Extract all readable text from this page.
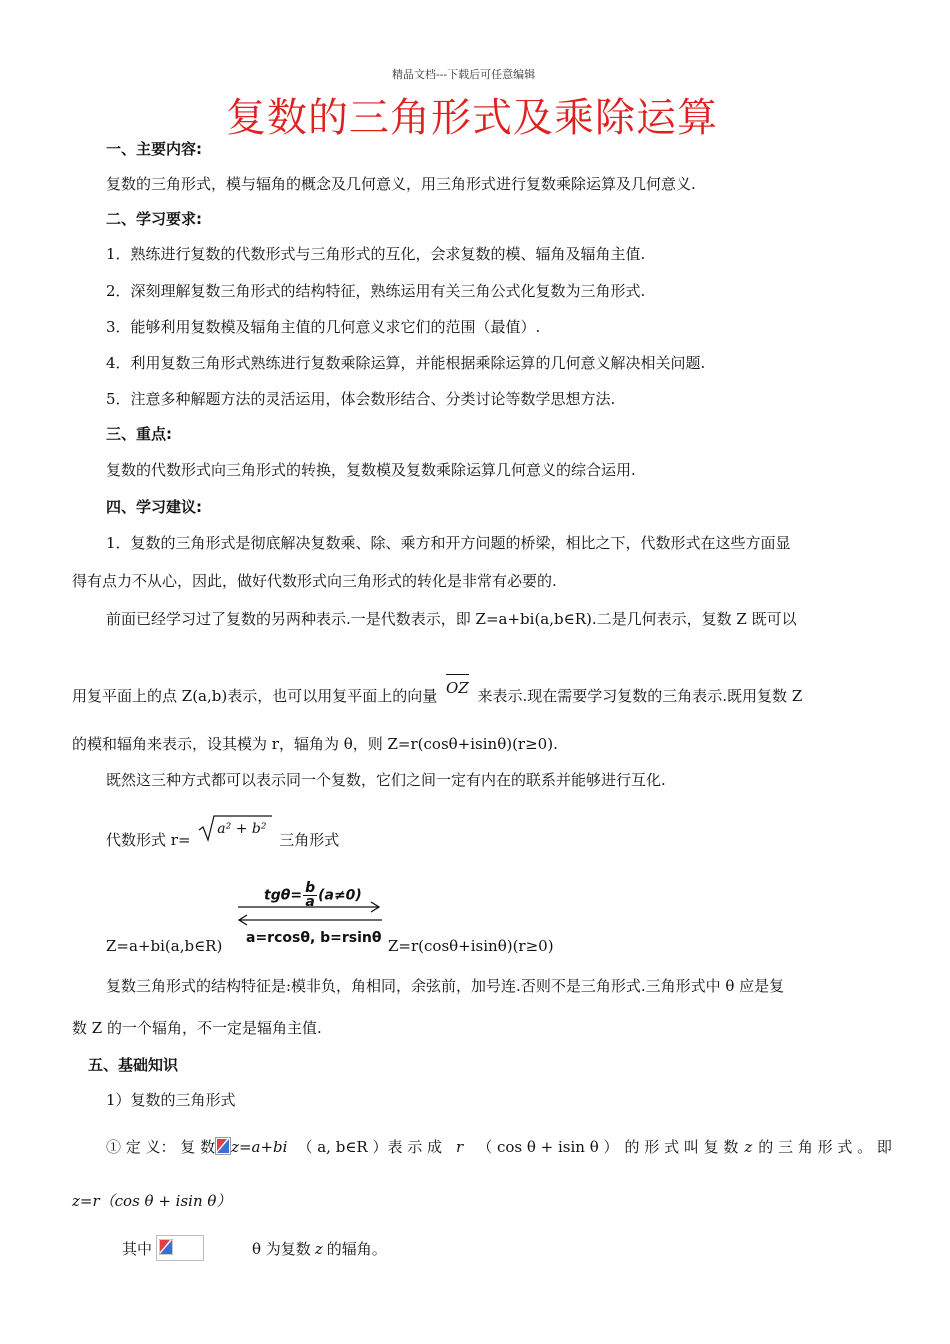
精品文档---下载后可任意编辑
复数的三角形式及乘除运算
一、主要内容:
复数的三角形式，模与辐角的概念及几何意义，用三角形式进行复数乘除运算及几何意义.
二、学习要求:
1．熟练进行复数的代数形式与三角形式的互化，会求复数的模、辐角及辐角主值.
2．深刻理解复数三角形式的结构特征，熟练运用有关三角公式化复数为三角形式.
3．能够利用复数模及辐角主值的几何意义求它们的范围（最值）.
4．利用复数三角形式熟练进行复数乘除运算，并能根据乘除运算的几何意义解决相关问题.
5．注意多种解题方法的灵活运用，体会数形结合、分类讨论等数学思想方法.
三、重点:
复数的代数形式向三角形式的转换，复数模及复数乘除运算几何意义的综合运用.
四、学习建议:
1．复数的三角形式是彻底解决复数乘、除、乘方和开方问题的桥梁，相比之下，代数形式在这些方面显
得有点力不从心，因此，做好代数形式向三角形式的转化是非常有必要的.
前面已经学习过了复数的另两种表示.一是代数表示，即 Z=a+bi(a,b∈R).二是几何表示，复数 Z 既可以
用复平面上的点 Z(a,b)表示，也可以用复平面上的向量 OZ 来表示.现在需要学习复数的三角表示.既用复数 Z
的模和辐角来表示，设其模为 r，辐角为 θ，则 Z=r(cosθ+isinθ)(r≥0).
既然这三种方式都可以表示同一个复数，它们之间一定有内在的联系并能够进行互化.
代数形式 r=
a² + b² 三角形式
$tg\theta= \frac{b}{a} (a\ne 0)$
a=rcosθ, b=rsinθ
Z=a+bi(a,b∈R)	Z=r(cosθ+isinθ)(r≥0)
复数三角形式的结构特征是:模非负，角相同，余弦前，加号连.否则不是三角形式.三角形式中 θ 应是复
数 Z 的一个辐角，不一定是辐角主值.
五、基础知识
1）复数的三角形式
① 定 义： 复 数 z=a+bi （ a, b∈R ）表 示 成 r （ cos θ + isin θ ） 的 形 式 叫 复 数 z 的 三 角 形 式 。 即
z=r（cos θ + isin θ）
其中	θ 为复数 z 的辐角。
